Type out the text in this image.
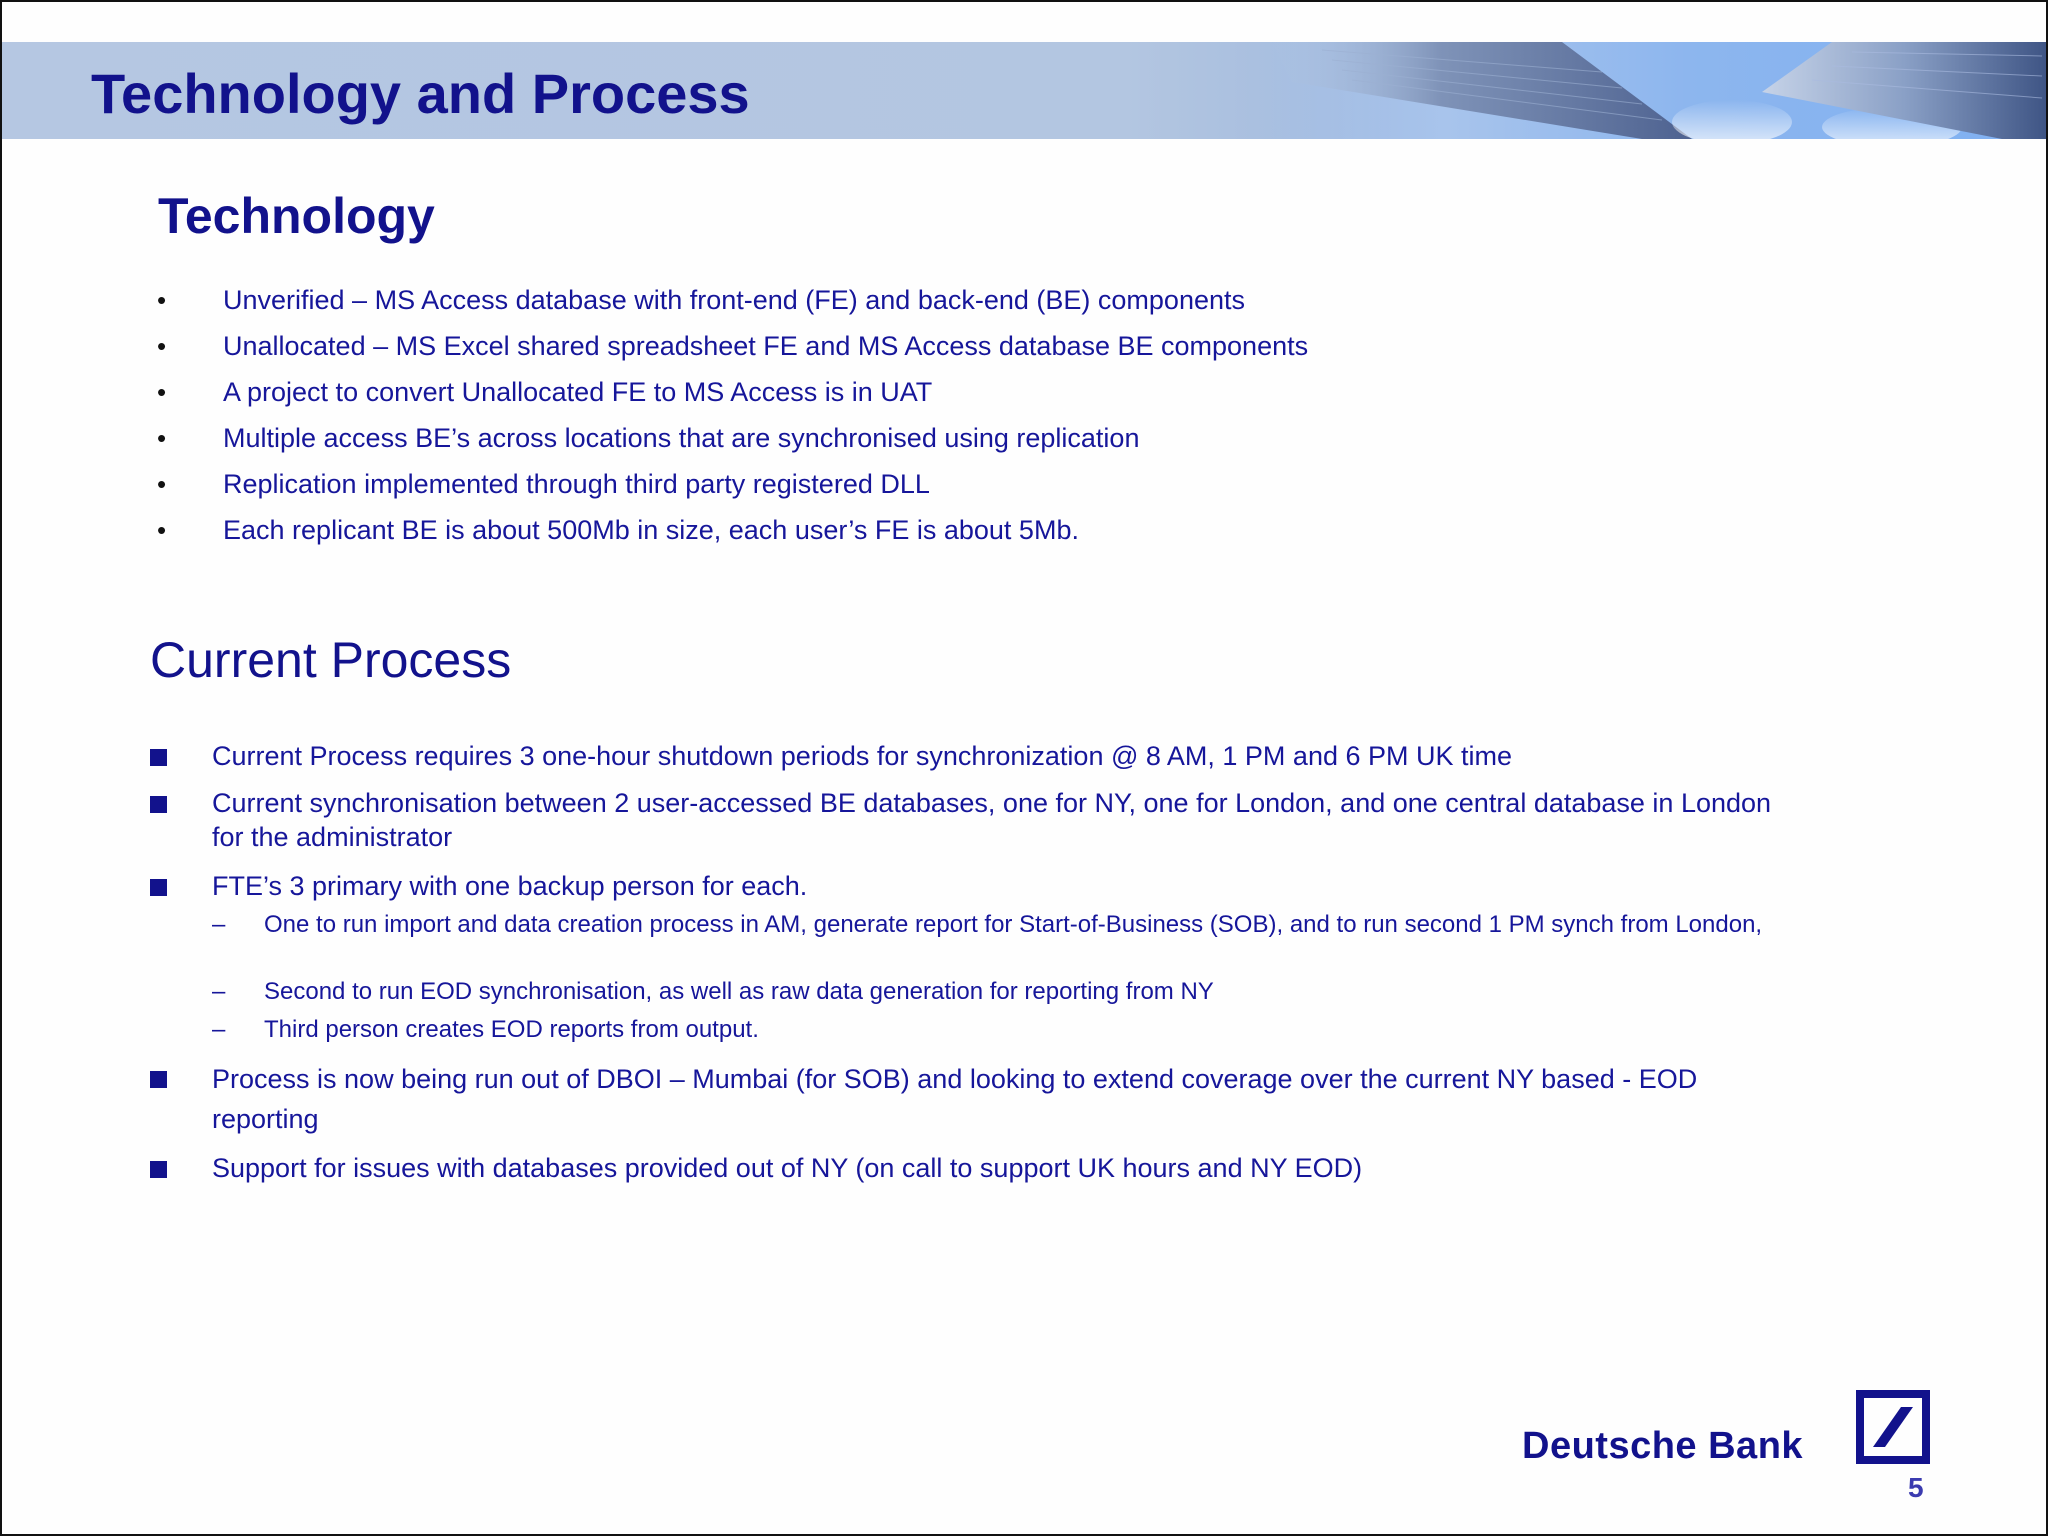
Technology and Process
Technology
• Unverified – MS Access database with front-end (FE) and back-end (BE) components
• Unallocated – MS Excel shared spreadsheet FE and MS Access database BE components
• A project to convert Unallocated FE to MS Access is in UAT
• Multiple access BE’s across locations that are synchronised using replication
• Replication implemented through third party registered DLL
• Each replicant BE is about 500Mb in size, each user’s FE is about 5Mb.
Current Process
Current Process requires 3 one-hour shutdown periods for synchronization @ 8 AM, 1 PM and 6 PM UK time
Current synchronisation between 2 user-accessed BE databases, one for NY, one for London, and one central database in London for the administrator
FTE’s 3 primary with one backup person for each.
– One to run import and data creation process in AM, generate report for Start-of-Business (SOB), and to run second 1 PM synch from London,
– Second to run EOD synchronisation, as well as raw data generation for reporting from NY
– Third person creates EOD reports from output.
Process is now being run out of DBOI – Mumbai (for SOB) and looking to extend coverage over the current NY based - EOD reporting
Support for issues with databases provided out of NY (on call to support UK hours and NY EOD)
Deutsche Bank
5
